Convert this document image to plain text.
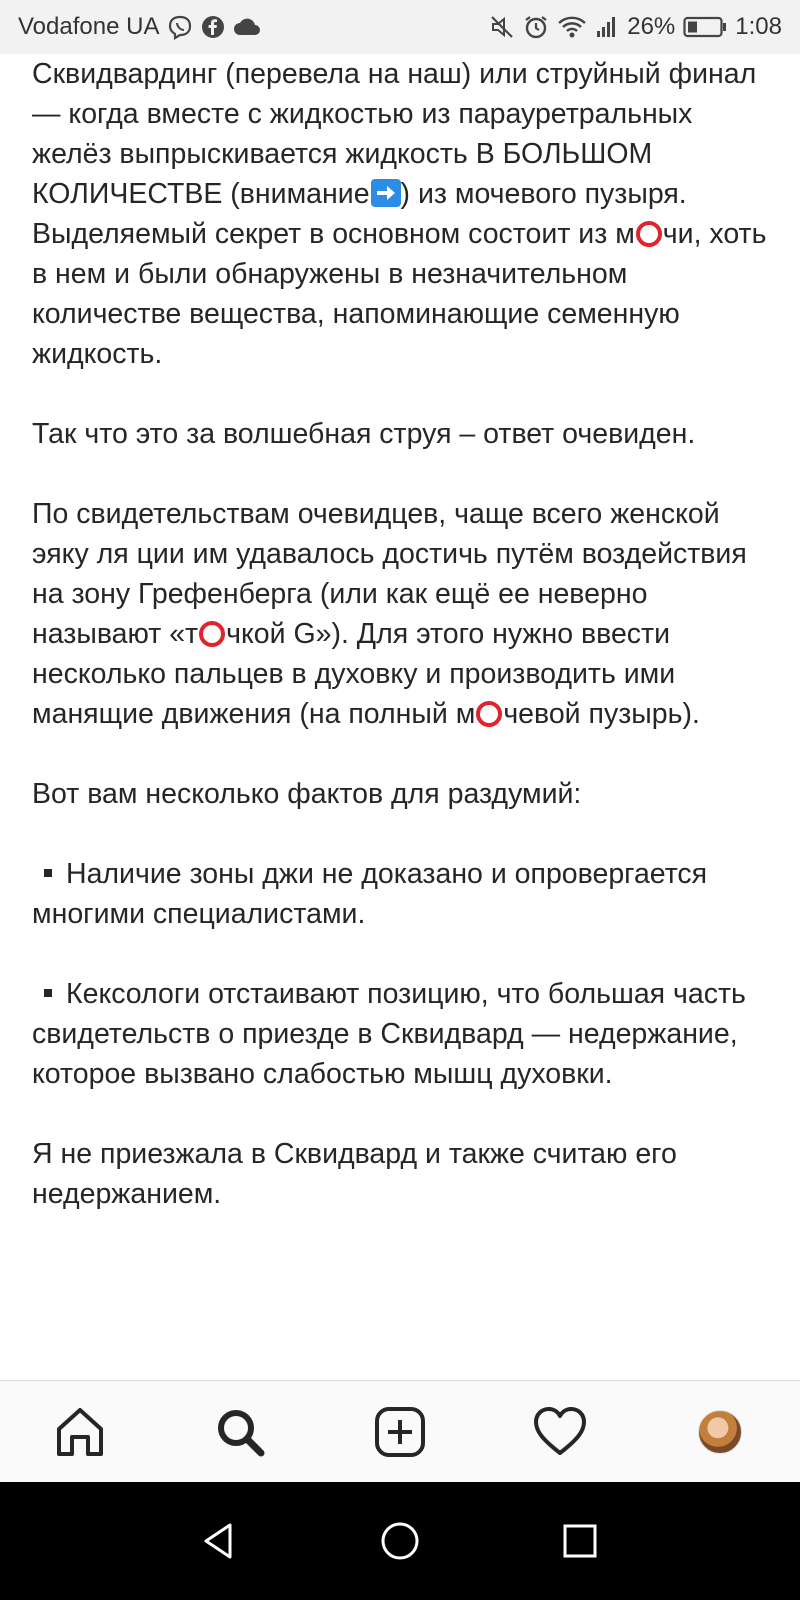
Vodafone UA	26%	1:08
Сквидвардинг (перевела на наш) или струйный финал — когда вместе с жидкостью из парауретральных желёз выпрыскивается жидкость В БОЛЬШОМ КОЛИЧЕСТВЕ (внимание ) из мочевого пузыря.
Выделяемый секрет в основном состоит из м чи, хоть в нем и были обнаружены в незначительном количестве вещества, напоминающие семенную жидкость.
Так что это за волшебная струя – ответ очевиден.
По свидетельствам очевидцев, чаще всего женской эяку ля ции им удавалось достичь путём воздействия на зону Грефенберга (или как ещё ее неверно называют «т чкой G»). Для этого нужно ввести несколько пальцев в духовку и производить ими манящие движения (на полный м чевой пузырь).
Вот вам несколько фактов для раздумий:
Наличие зоны джи не доказано и опровергается многими специалистами.
Кексологи отстаивают позицию, что большая часть свидетельств о приезде в Сквидвард — недержание, которое вызвано слабостью мышц духовки.
Я не приезжала в Сквидвард и также считаю его недержанием.
